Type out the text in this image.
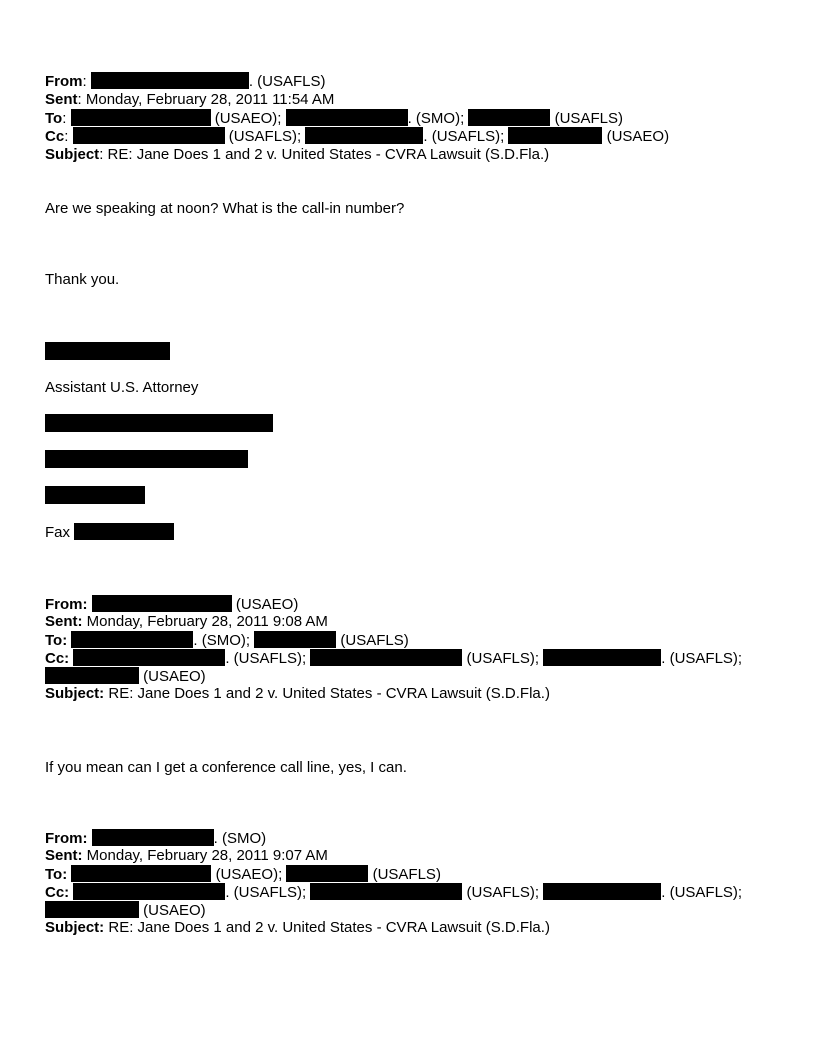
From:	. (USAFLS)
Sent: Monday, February 28, 2011 11:54 AM
To:	(USAEO);	. (SMO);	(USAFLS)
Cc:	(USAFLS);	. (USAFLS);	(USAEO)
Subject: RE: Jane Does 1 and 2 v. United States - CVRA Lawsuit (S.D.Fla.)
Are we speaking at noon? What is the call-in number?
Thank you.
Assistant U.S. Attorney
Fax
From:	(USAEO)
Sent: Monday, February 28, 2011 9:08 AM
To:	. (SMO);	(USAFLS)
Cc:	. (USAFLS);	(USAFLS);	. (USAFLS);
(USAEO)
Subject: RE: Jane Does 1 and 2 v. United States - CVRA Lawsuit (S.D.Fla.)
If you mean can I get a conference call line, yes, I can.
From:	. (SMO)
Sent: Monday, February 28, 2011 9:07 AM
To:	(USAEO);	(USAFLS)
Cc:	. (USAFLS);	(USAFLS);	. (USAFLS);
(USAEO)
Subject: RE: Jane Does 1 and 2 v. United States - CVRA Lawsuit (S.D.Fla.)
